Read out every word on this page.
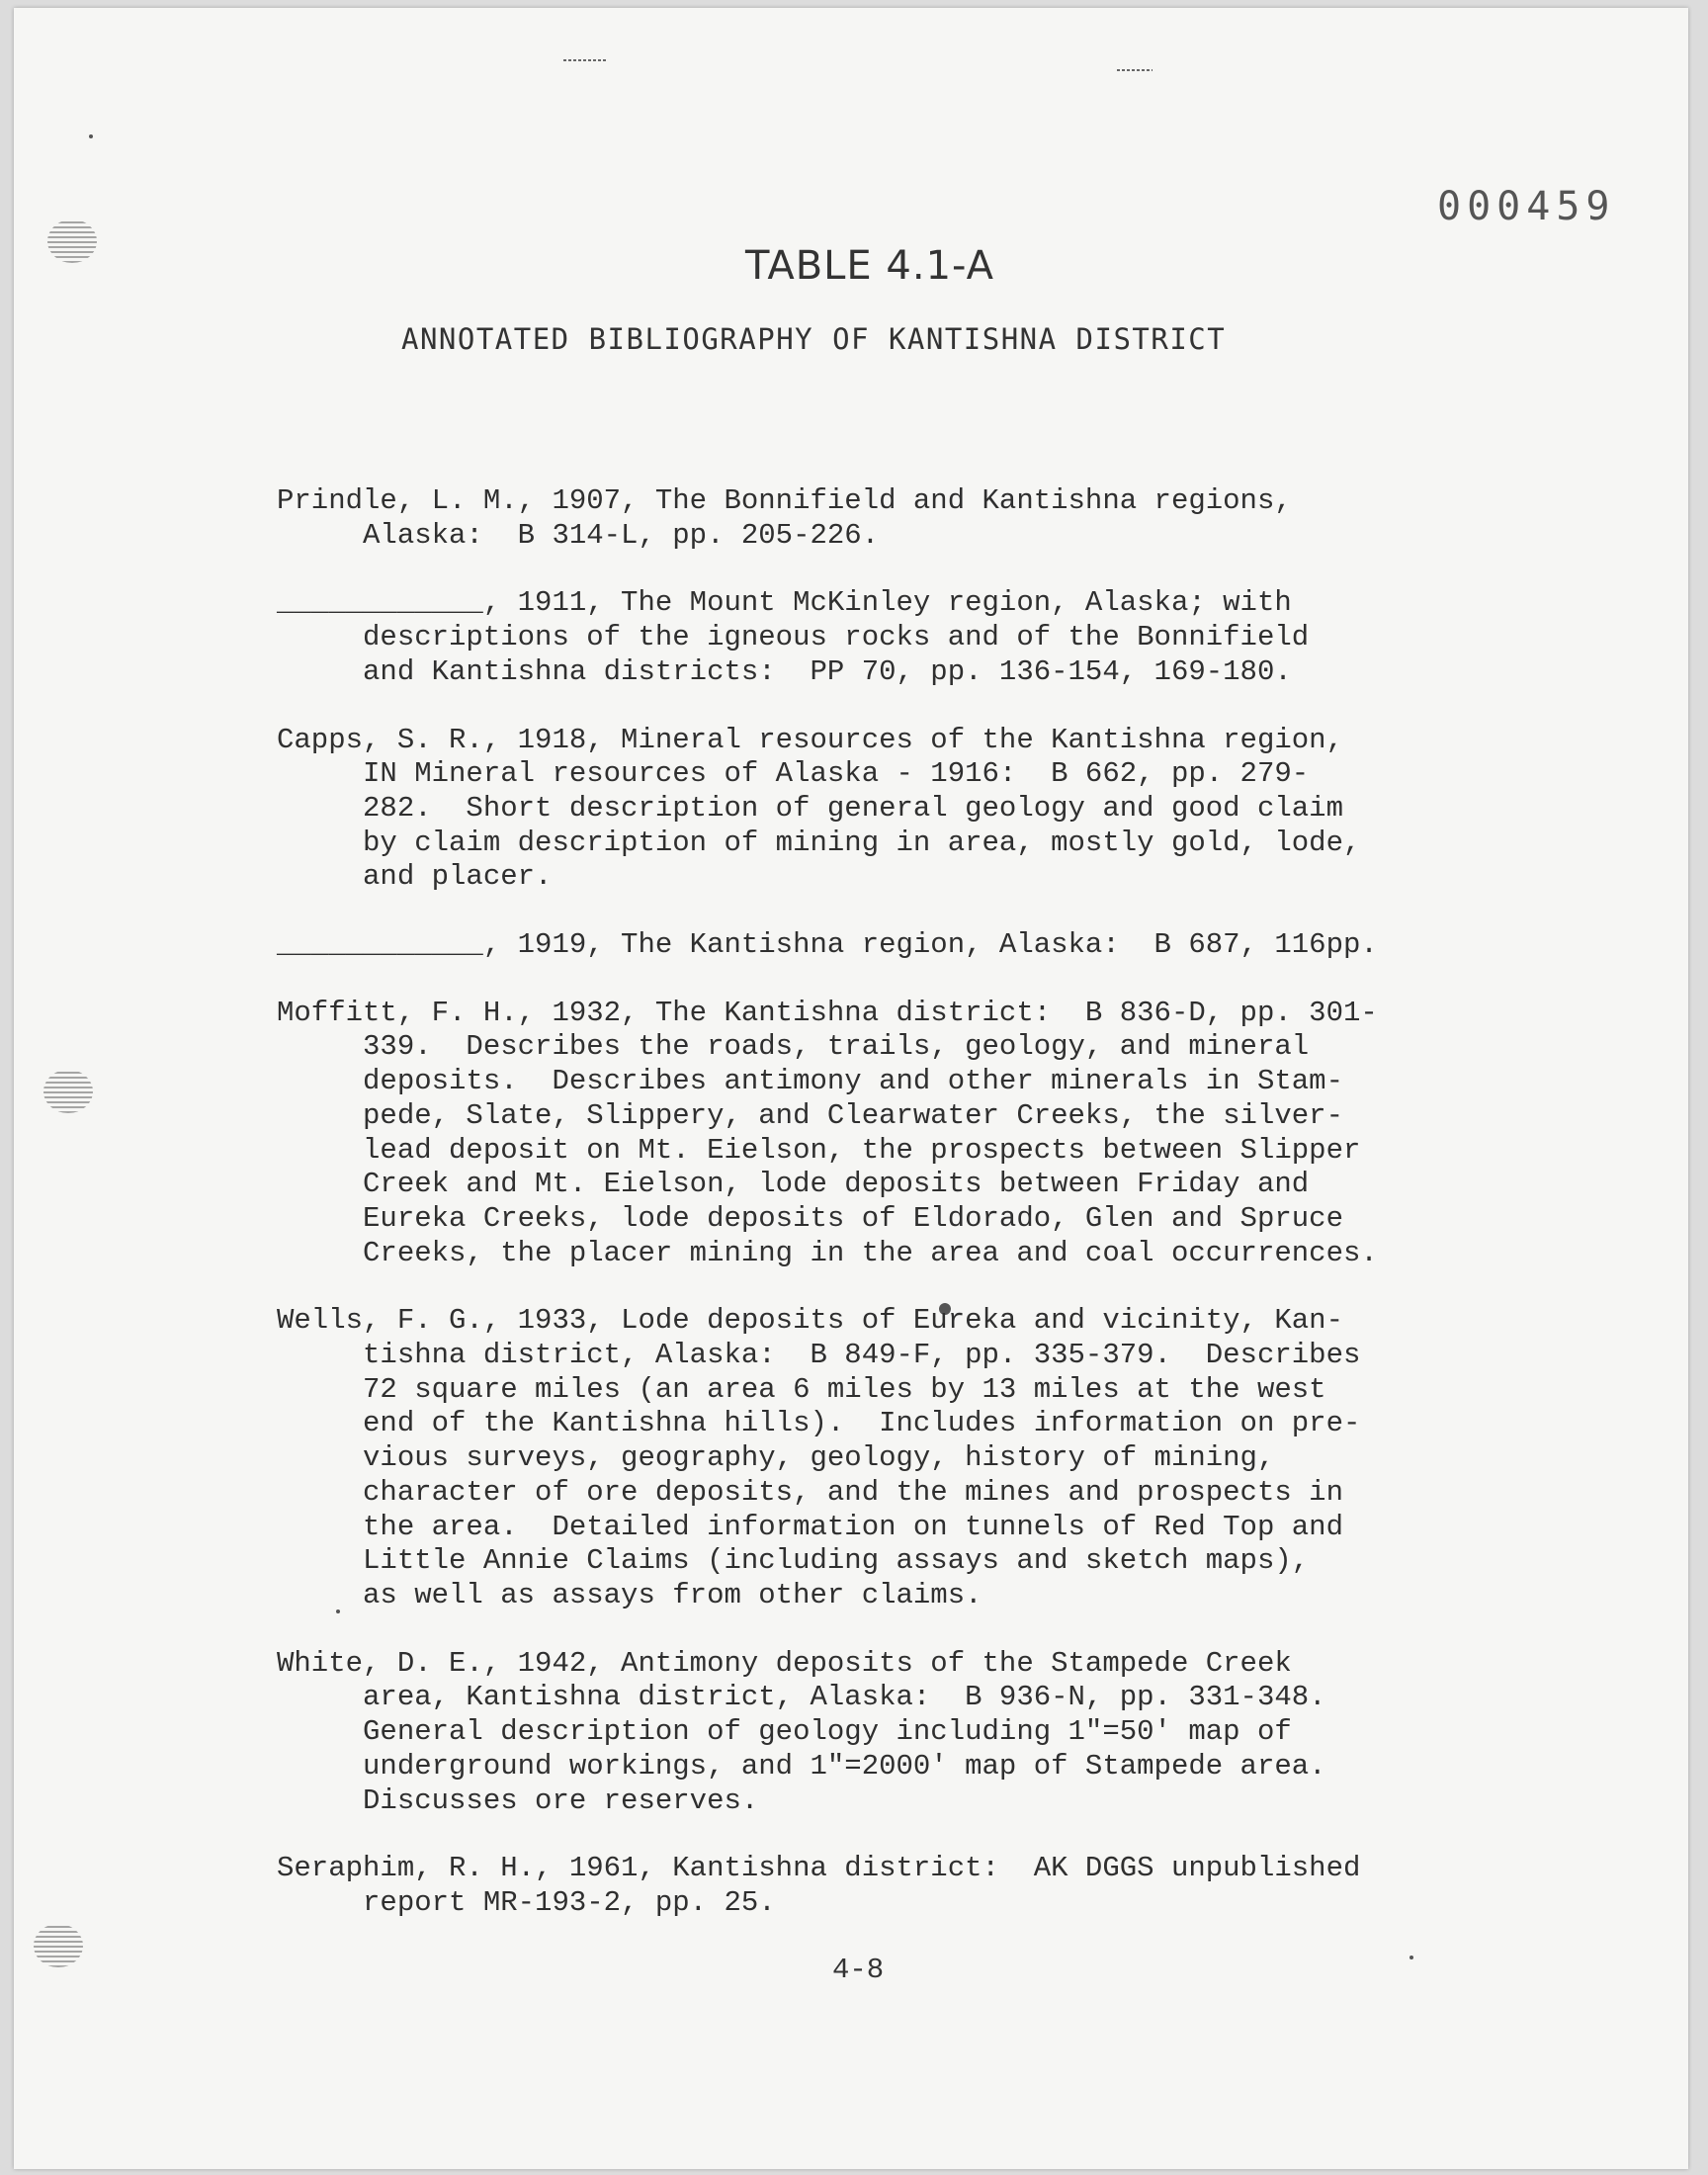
000459
TABLE 4.1-A
ANNOTATED BIBLIOGRAPHY OF KANTISHNA DISTRICT
Prindle, L. M., 1907, The Bonnifield and Kantishna regions,
Alaska:  B 314-L, pp. 205-226.
____________, 1911, The Mount McKinley region, Alaska; with
descriptions of the igneous rocks and of the Bonnifield
and Kantishna districts:  PP 70, pp. 136-154, 169-180.
Capps, S. R., 1918, Mineral resources of the Kantishna region,
IN Mineral resources of Alaska - 1916:  B 662, pp. 279-
282.  Short description of general geology and good claim
by claim description of mining in area, mostly gold, lode,
and placer.
____________, 1919, The Kantishna region, Alaska:  B 687, 116pp.
Moffitt, F. H., 1932, The Kantishna district:  B 836-D, pp. 301-
339.  Describes the roads, trails, geology, and mineral
deposits.  Describes antimony and other minerals in Stam-
pede, Slate, Slippery, and Clearwater Creeks, the silver-
lead deposit on Mt. Eielson, the prospects between Slipper
Creek and Mt. Eielson, lode deposits between Friday and
Eureka Creeks, lode deposits of Eldorado, Glen and Spruce
Creeks, the placer mining in the area and coal occurrences.
Wells, F. G., 1933, Lode deposits of Eureka and vicinity, Kan-
tishna district, Alaska:  B 849-F, pp. 335-379.  Describes
72 square miles (an area 6 miles by 13 miles at the west
end of the Kantishna hills).  Includes information on pre-
vious surveys, geography, geology, history of mining,
character of ore deposits, and the mines and prospects in
the area.  Detailed information on tunnels of Red Top and
Little Annie Claims (including assays and sketch maps),
as well as assays from other claims.
White, D. E., 1942, Antimony deposits of the Stampede Creek
area, Kantishna district, Alaska:  B 936-N, pp. 331-348.
General description of geology including 1"=50' map of
underground workings, and 1"=2000' map of Stampede area.
Discusses ore reserves.
Seraphim, R. H., 1961, Kantishna district:  AK DGGS unpublished
report MR-193-2, pp. 25.
4-8
